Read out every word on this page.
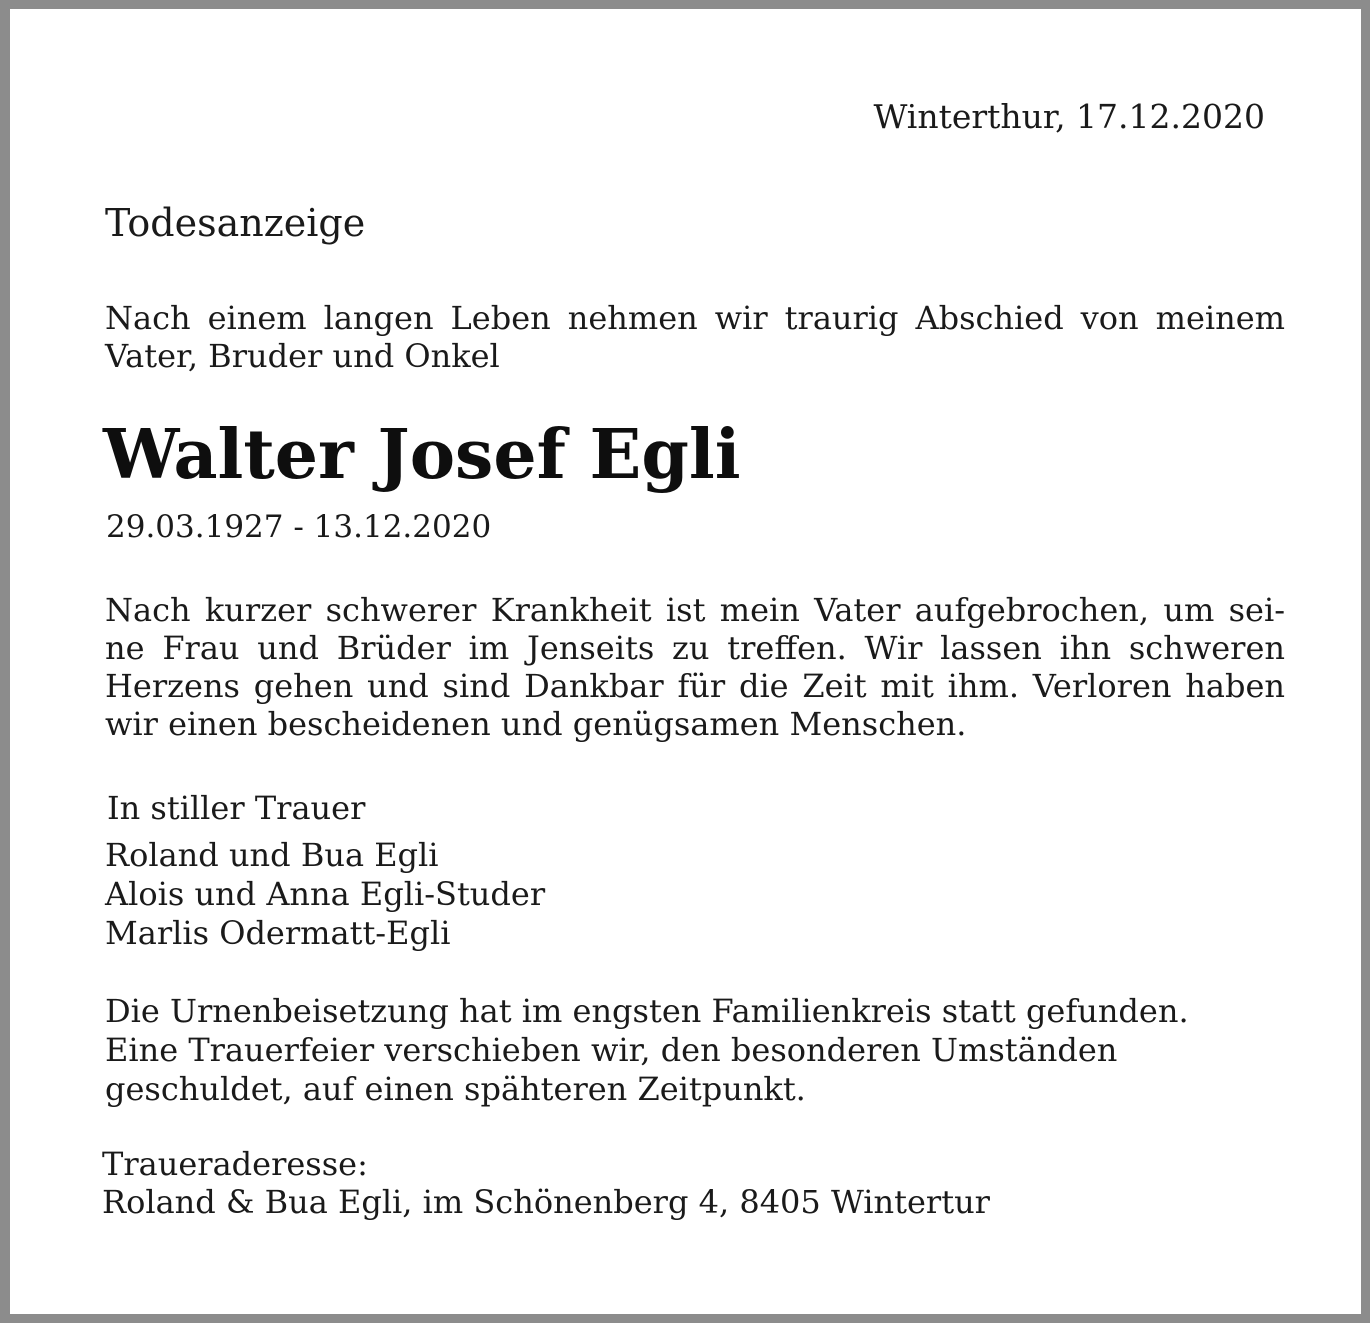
Winterthur, 17.12.2020
Todesanzeige
Nach einem langen Leben nehmen wir traurig Abschied von meinem
Vater, Bruder und Onkel
Walter Josef Egli
29.03.1927 - 13.12.2020
Nach kurzer schwerer Krankheit ist mein Vater aufgebrochen, um sei-
ne Frau und Brüder im Jenseits zu treffen. Wir lassen ihn schweren
Herzens gehen und sind Dankbar für die Zeit mit ihm. Verloren haben
wir einen bescheidenen und genügsamen Menschen.
In stiller Trauer
Roland und Bua Egli
Alois und Anna Egli-Studer
Marlis Odermatt-Egli
Die Urnenbeisetzung hat im engsten Familienkreis statt gefunden.
Eine Trauerfeier verschieben wir, den besonderen Umständen
geschuldet, auf einen spähteren Zeitpunkt.
Traueraderesse:
Roland & Bua Egli, im Schönenberg 4, 8405 Wintertur
